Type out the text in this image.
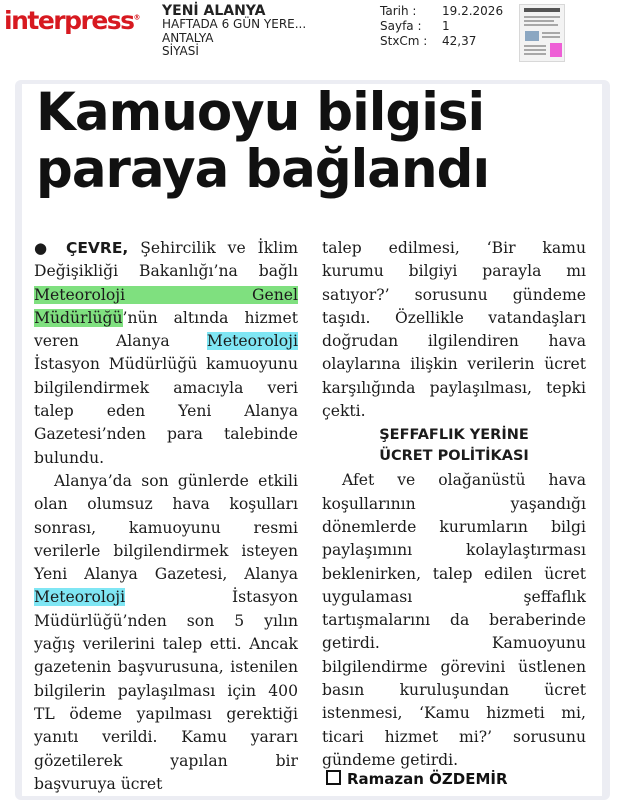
interpress® YENİ ALANYA
HAFTADA 6 GÜN YERE...
ANTALYA
SİYASİ
Tarih :	19.2.2026
Sayfa :	1
StxCm :	42,37
Kamuoyu bilgisi
paraya bağlandı

● ÇEVRE, Şehircilik ve İklim Değişikliği Bakanlığı’na bağlı Meteoroloji Genel Müdürlüğü’nün altında hizmet veren Alanya Meteoroloji İstasyon Müdürlüğü kamuoyunu bilgilendirmek amacıyla veri talep eden Yeni Alanya Gazetesi’nden para talebinde bulundu.

Alanya’da son günlerde etkili olan olumsuz hava koşulları sonrası, kamuoyunu resmi verilerle bilgilendirmek isteyen Yeni Alanya Gazetesi, Alanya Meteoroloji İstasyon Müdürlüğü’nden son 5 yılın yağış verilerini talep etti. Ancak gazetenin başvurusuna, istenilen bilgilerin paylaşılması için 400 TL ödeme yapılması gerektiği yanıtı verildi. Kamu yararı gözetilerek yapılan bir başvuruya ücret

talep edilmesi, ‘Bir kamu kurumu bilgiyi parayla mı satıyor?’ sorusunu gündeme taşıdı. Özellikle vatandaşları doğrudan ilgilendiren hava olaylarına ilişkin verilerin ücret karşılığında paylaşılması, tepki çekti.

ŞEFFAFLIK YERİNE
ÜCRET POLİTİKASI

Afet ve olağanüstü hava koşullarının yaşandığı dönemlerde kurumların bilgi paylaşımını kolaylaştırması beklenirken, talep edilen ücret uygulaması şeffaflık tartışmalarını da beraberinde getirdi. Kamuoyunu bilgilendirme görevini üstlenen basın kuruluşundan ücret istenmesi, ‘Kamu hizmeti mi, ticari hizmet mi?’ sorusunu gündeme getirdi.

Ramazan ÖZDEMİR
